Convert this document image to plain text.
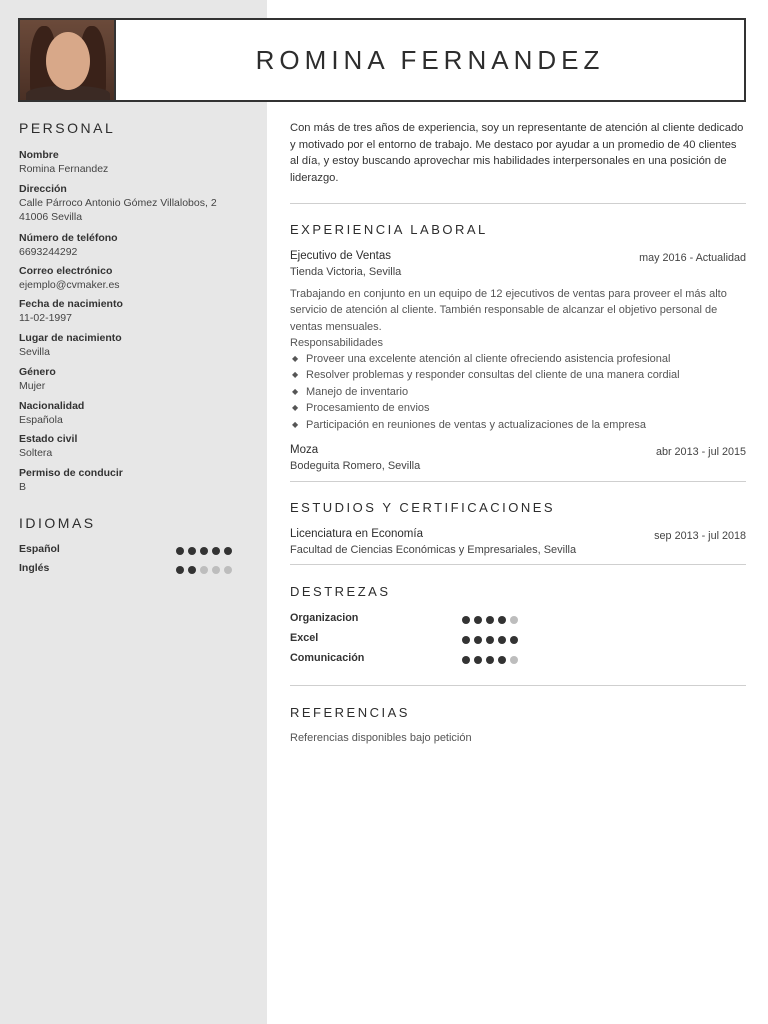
ROMINA FERNANDEZ
PERSONAL
Nombre
Romina Fernandez
Dirección
Calle Párroco Antonio Gómez Villalobos, 2 41006 Sevilla
Número de teléfono
6693244292
Correo electrónico
ejemplo@cvmaker.es
Fecha de nacimiento
11-02-1997
Lugar de nacimiento
Sevilla
Género
Mujer
Nacionalidad
Española
Estado civil
Soltera
Permiso de conducir
B
IDIOMAS
Español
Inglés
Con más de tres años de experiencia, soy un representante de atención al cliente dedicado y motivado por el entorno de trabajo. Me destaco por ayudar a un promedio de 40 clientes al día, y estoy buscando aprovechar mis habilidades interpersonales en una posición de liderazgo.
EXPERIENCIA LABORAL
Ejecutivo de Ventas	may 2016 - Actualidad
Tienda Victoria, Sevilla
Trabajando en conjunto en un equipo de 12 ejecutivos de ventas para proveer el más alto servicio de atención al cliente. También responsable de alcanzar el objetivo personal de ventas mensuales.
Responsabilidades
◆ Proveer una excelente atención al cliente ofreciendo asistencia profesional
◆ Resolver problemas y responder consultas del cliente de una manera cordial
◆ Manejo de inventario
◆ Procesamiento de envios
◆ Participación en reuniones de ventas y actualizaciones de la empresa
Moza	abr 2013 - jul 2015
Bodeguita Romero, Sevilla
ESTUDIOS Y CERTIFICACIONES
Licenciatura en Economía	sep 2013 - jul 2018
Facultad de Ciencias Económicas y Empresariales, Sevilla
DESTREZAS
Organizacion
Excel
Comunicación
REFERENCIAS
Referencias disponibles bajo petición
